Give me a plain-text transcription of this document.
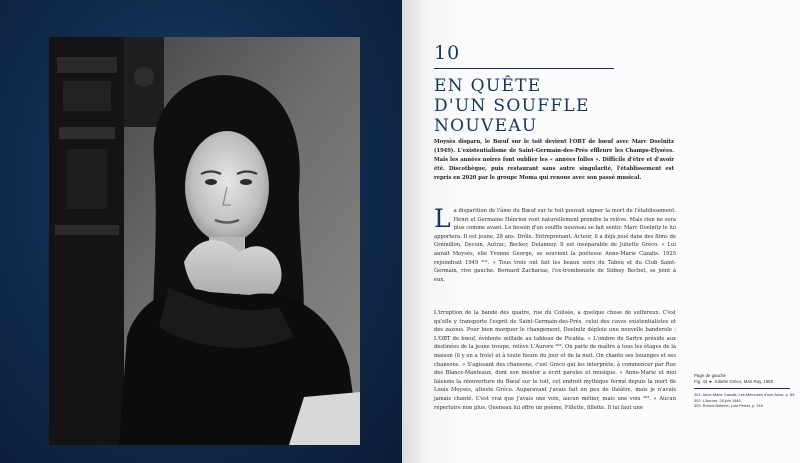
10
EN QUÊTE
D'UN SOUFFLE NOUVEAU
Moysès disparu, le Bœuf sur le toit devient l'OBT de bœuf avec Marc Doelnitz (1949). L'existentialisme de Saint-Germain-des-Prés effleure les Champs-Élysées. Mais les années noires font oublier les « années folles ». Difficile d'être et d'avoir été. Discothèque, puis restaurant sans autre singularité, l'établissement est repris en 2020 par le groupe Moma qui renoue avec son passé musical.
La disparition de l'âme du Bœuf sur le toit pouvait signer la mort de l'établissement. Henri et Germaine Hénrion vont naturellement prendre la relève. Mais rien ne sera plus comme avant. Le besoin d'un souffle nouveau se fait sentir. Marc Doelnitz le lui apportera. Il est jeune, 28 ans. Drôle. Entreprenant. Acteur, il a déjà joué dans des films de Grémillon, Decoin, Autrac, Becker, Delannoy. Il est inséparable de Juliette Gréco. « Lui aurait Moysès, elle Yvonne George, se souvient la poétesse Anne-Marie Cazalis. 1925 rejoindrait 1949 ³⁰¹. » Tous trois ont fait les beaux soirs du Tabou et du Club Saint-Germain, rive gauche. Bernard Zacharias, l'ex-tromboniste de Sidney Bechet, se joint à eux.
L'irruption de la bande des quatre, rue du Colisée, a quelque chose de sulfureux. C'est qu'elle y transporte l'esprit de Saint-Germain-des-Prés, celui des caves existentialistes et des zazous. Pour bien marquer le changement, Doelnitz déploie une nouvelle banderole : L'OBT de bœuf, évidente œillade au tableau de Picabia. « L'ombre de Sartre préside aux destinées de la jeune troupe, relève L'Aurore ³⁰². On parle de maître à tous les étages de la maison (il y en a trois) et à toute heure du jour et de la nuit. On chante ses louanges et ses chansons. » S'agissant des chansons, c'est Gréco qui les interprète, à commencer par Rue des Blancs-Manteaux, dont son mentor a écrit paroles et musique. « Anne-Marie et moi faisions la réouverture du Bœuf sur le toit, cet endroit mythique fermé depuis la mort de Louis Moysès, atteste Gréco. Auparavant j'avais fait un peu de théâtre, mais je n'avais jamais chanté. C'est vrai que j'avais une voix, aucun métier, mais une voix ³⁰³. » Aucun répertoire non plus. Queneau lui offre un poème, Fillette, fillette. Il lui faut une
Page de gauche
Fig. 44 ► Juliette Gréco, Man Ray, 1950
301. Anne-Marie Cazalis, Les Mémoires d'une Anne, p. 89.
302. L'Aurore, 28 juin 1949.
303. Robert Belleret, Lola Perret, p. 316.
